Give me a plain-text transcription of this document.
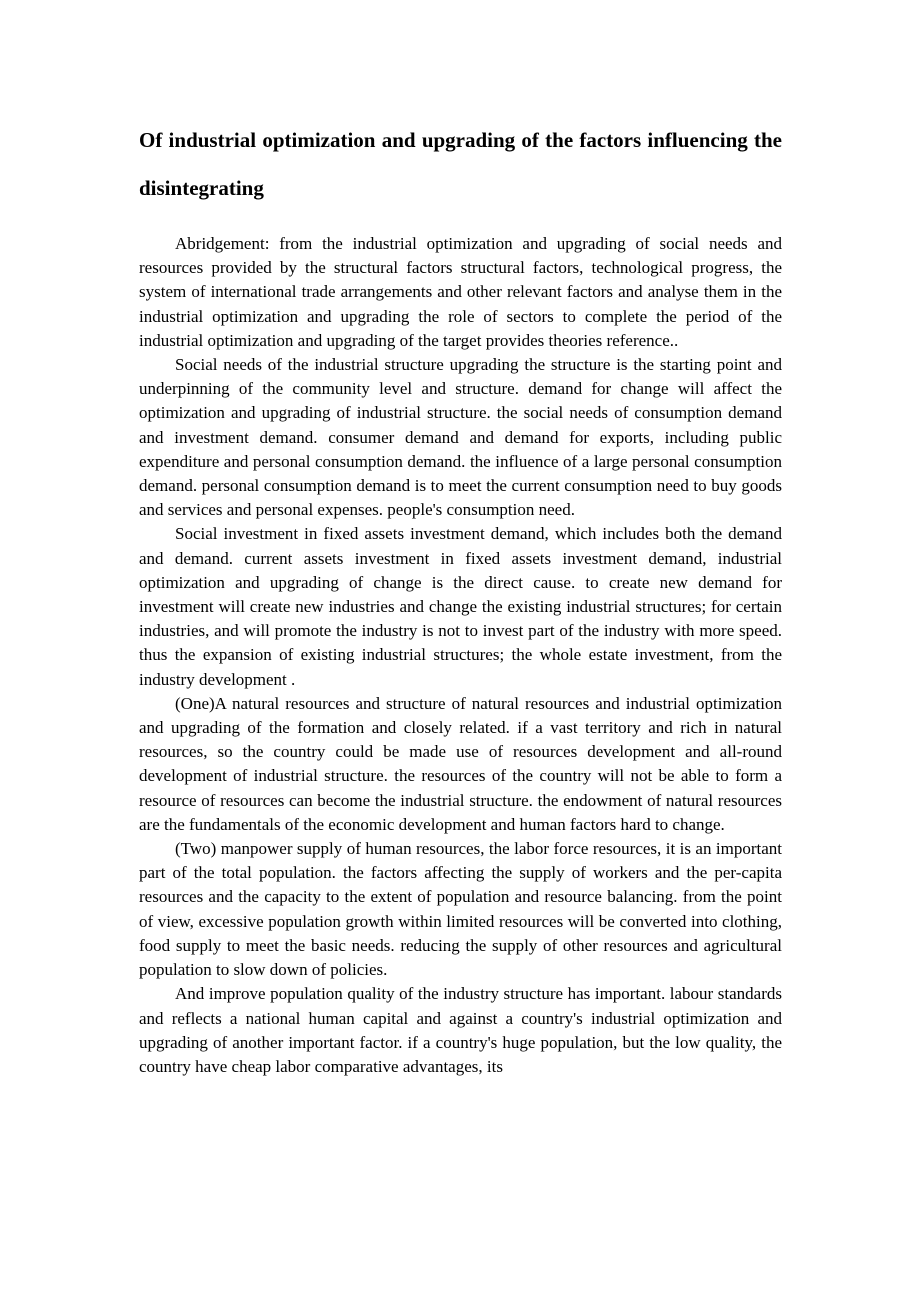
Of industrial optimization and upgrading of the factors influencing the disintegrating

Abridgement: from the industrial optimization and upgrading of social needs and resources provided by the structural factors structural factors, technological progress, the system of international trade arrangements and other relevant factors and analyse them in the industrial optimization and upgrading the role of sectors to complete the period of the industrial optimization and upgrading of the target provides theories reference..

Social needs of the industrial structure upgrading the structure is the starting point and underpinning of the community level and structure. demand for change will affect the optimization and upgrading of industrial structure. the social needs of consumption demand and investment demand. consumer demand and demand for exports, including public expenditure and personal consumption demand. the influence of a large personal consumption demand. personal consumption demand is to meet the current consumption need to buy goods and services and personal expenses. people's consumption need.

Social investment in fixed assets investment demand, which includes both the demand and demand. current assets investment in fixed assets investment demand, industrial optimization and upgrading of change is the direct cause. to create new demand for investment will create new industries and change the existing industrial structures; for certain industries, and will promote the industry is not to invest part of the industry with more speed. thus the expansion of existing industrial structures; the whole estate investment, from the industry development .

(One)A natural resources and structure of natural resources and industrial optimization and upgrading of the formation and closely related. if a vast territory and rich in natural resources, so the country could be made use of resources development and all-round development of industrial structure. the resources of the country will not be able to form a resource of resources can become the industrial structure. the endowment of natural resources are the fundamentals of the economic development and human factors hard to change.

(Two) manpower supply of human resources, the labor force resources, it is an important part of the total population. the factors affecting the supply of workers and the per-capita resources and the capacity to the extent of population and resource balancing. from the point of view, excessive population growth within limited resources will be converted into clothing, food supply to meet the basic needs. reducing the supply of other resources and agricultural population to slow down of policies.

And improve population quality of the industry structure has important. labour standards and reflects a national human capital and against a country's industrial optimization and upgrading of another important factor. if a country's huge population, but the low quality, the country have cheap labor comparative advantages, its
